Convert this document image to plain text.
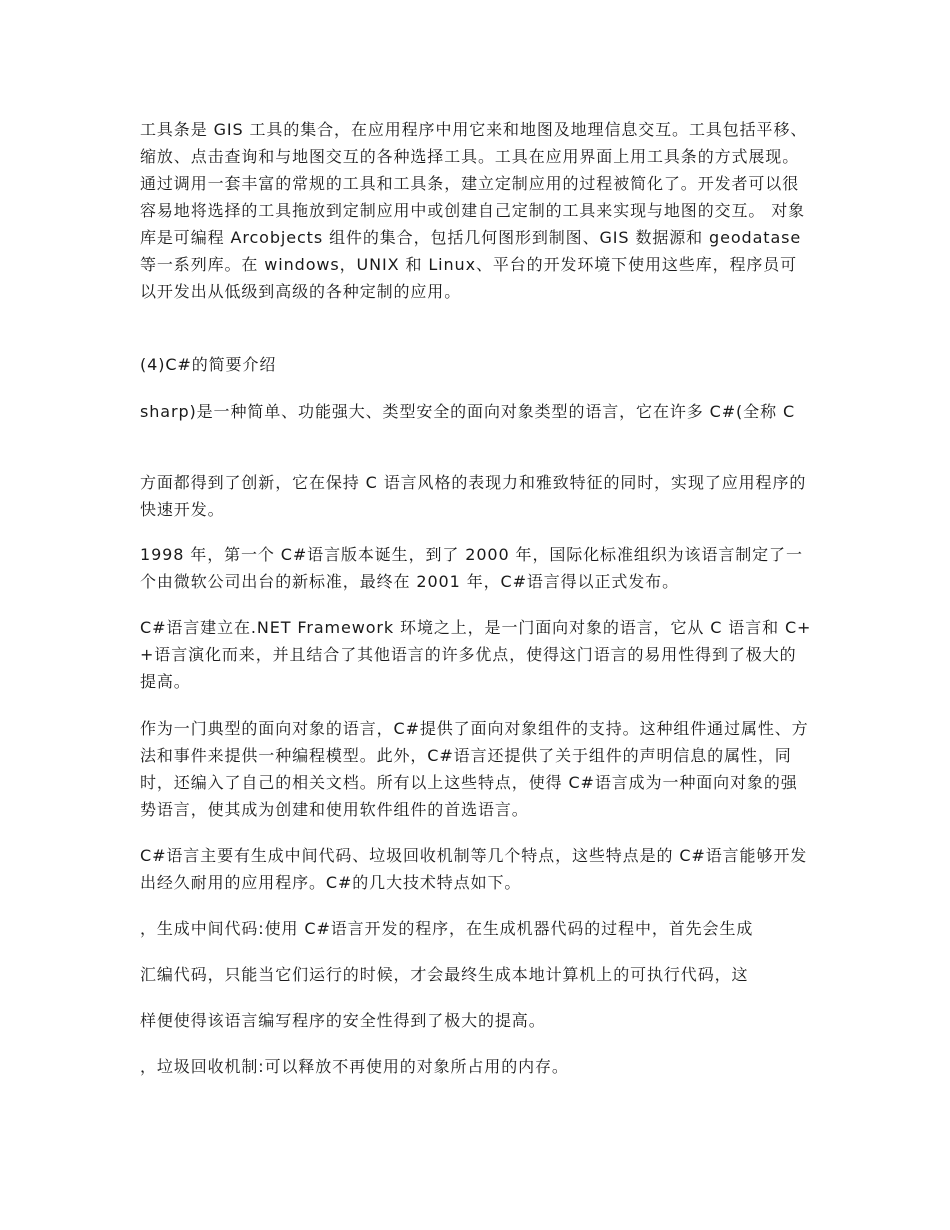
工具条是 GIS 工具的集合，在应用程序中用它来和地图及地理信息交互。工具包括平移、缩放、点击查询和与地图交互的各种选择工具。工具在应用界面上用工具条的方式展现。通过调用一套丰富的常规的工具和工具条，建立定制应用的过程被简化了。开发者可以很容易地将选择的工具拖放到定制应用中或创建自己定制的工具来实现与地图的交互。 对象库是可编程 Arcobjects 组件的集合，包括几何图形到制图、GIS 数据源和 geodatase 等一系列库。在 windows，UNIX 和 Linux、平台的开发环境下使用这些库，程序员可以开发出从低级到高级的各种定制的应用。

(4)C#的简要介绍

sharp)是一种简单、功能强大、类型安全的面向对象类型的语言，它在许多 C#(全称 C

方面都得到了创新，它在保持 C 语言风格的表现力和雅致特征的同时，实现了应用程序的快速开发。

1998 年，第一个 C#语言版本诞生，到了 2000 年，国际化标准组织为该语言制定了一个由微软公司出台的新标准，最终在 2001 年，C#语言得以正式发布。

C#语言建立在.NET Framework 环境之上，是一门面向对象的语言，它从 C 语言和 C++语言演化而来，并且结合了其他语言的许多优点，使得这门语言的易用性得到了极大的提高。

作为一门典型的面向对象的语言，C#提供了面向对象组件的支持。这种组件通过属性、方法和事件来提供一种编程模型。此外，C#语言还提供了关于组件的声明信息的属性，同时，还编入了自己的相关文档。所有以上这些特点，使得 C#语言成为一种面向对象的强势语言，使其成为创建和使用软件组件的首选语言。

C#语言主要有生成中间代码、垃圾回收机制等几个特点，这些特点是的 C#语言能够开发出经久耐用的应用程序。C#的几大技术特点如下。

，生成中间代码:使用 C#语言开发的程序，在生成机器代码的过程中，首先会生成

汇编代码，只能当它们运行的时候，才会最终生成本地计算机上的可执行代码，这

样便使得该语言编写程序的安全性得到了极大的提高。

，垃圾回收机制:可以释放不再使用的对象所占用的内存。
